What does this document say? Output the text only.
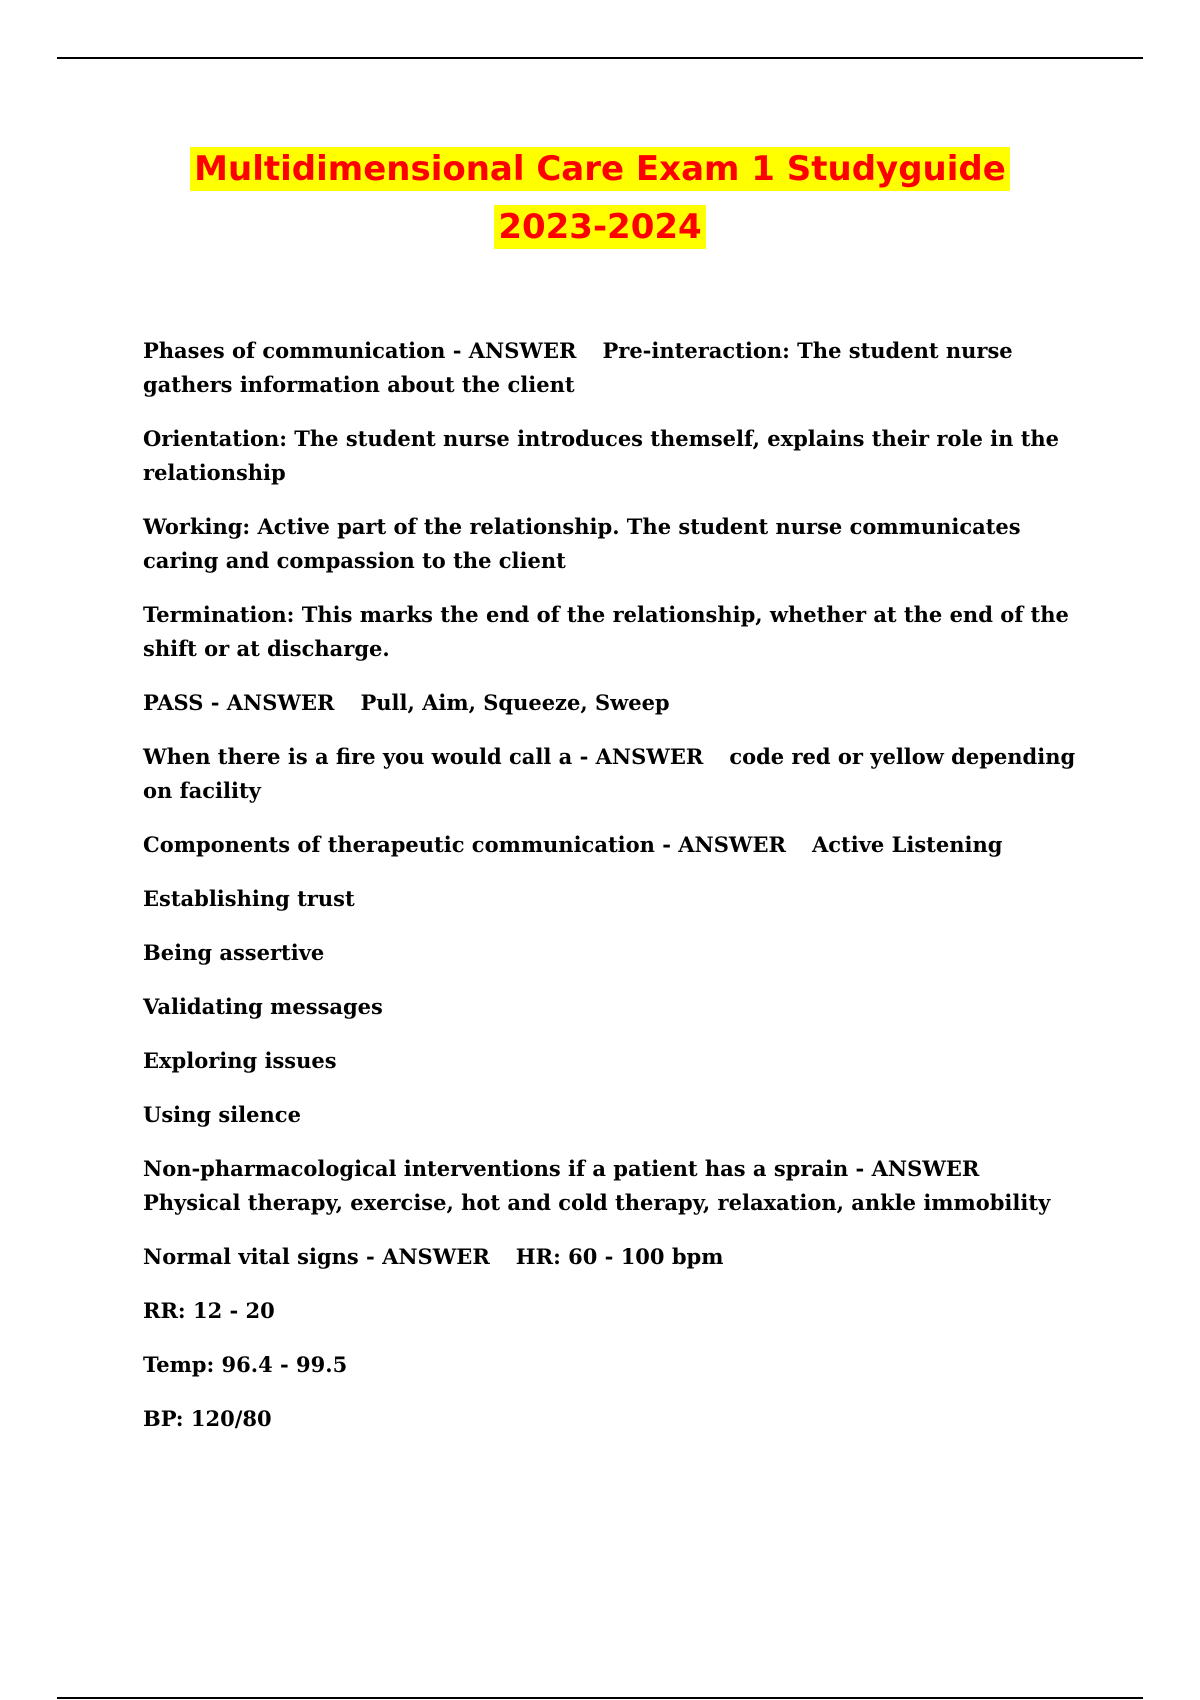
Multidimensional Care Exam 1 Studyguide
2023-2024

Phases of communication - ANSWER Pre-interaction: The student nurse gathers information about the client

Orientation: The student nurse introduces themself, explains their role in the relationship

Working: Active part of the relationship. The student nurse communicates caring and compassion to the client

Termination: This marks the end of the relationship, whether at the end of the shift or at discharge.

PASS - ANSWER Pull, Aim, Squeeze, Sweep

When there is a fire you would call a - ANSWER code red or yellow depending on facility

Components of therapeutic communication - ANSWER Active Listening

Establishing trust

Being assertive

Validating messages

Exploring issues

Using silence

Non-pharmacological interventions if a patient has a sprain - ANSWERPhysical therapy, exercise, hot and cold therapy, relaxation, ankle immobility

Normal vital signs - ANSWER HR: 60 - 100 bpm

RR: 12 - 20

Temp: 96.4 - 99.5

BP: 120/80
